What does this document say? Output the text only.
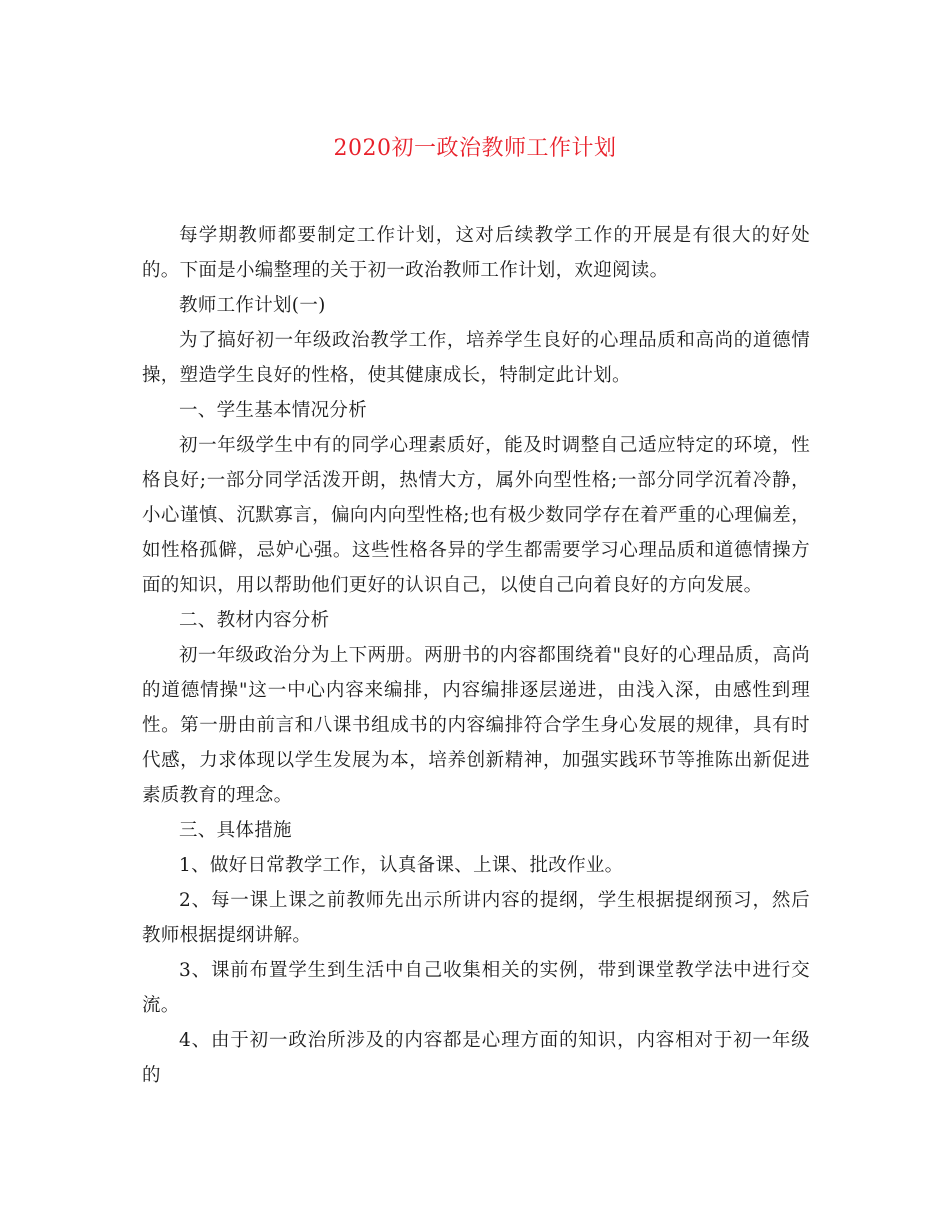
2020初一政治教师工作计划

每学期教师都要制定工作计划，这对后续教学工作的开展是有很大的好处的。下面是小编整理的关于初一政治教师工作计划，欢迎阅读。

教师工作计划(一)

为了搞好初一年级政治教学工作，培养学生良好的心理品质和高尚的道德情操，塑造学生良好的性格，使其健康成长，特制定此计划。

一、学生基本情况分析

初一年级学生中有的同学心理素质好，能及时调整自己适应特定的环境，性格良好;一部分同学活泼开朗，热情大方，属外向型性格;一部分同学沉着冷静，小心谨慎、沉默寡言，偏向内向型性格;也有极少数同学存在着严重的心理偏差，如性格孤僻，忌妒心强。这些性格各异的学生都需要学习心理品质和道德情操方面的知识，用以帮助他们更好的认识自己，以使自己向着良好的方向发展。

二、教材内容分析

初一年级政治分为上下两册。两册书的内容都围绕着"良好的心理品质，高尚的道德情操"这一中心内容来编排，内容编排逐层递进，由浅入深，由感性到理性。第一册由前言和八课书组成书的内容编排符合学生身心发展的规律，具有时代感，力求体现以学生发展为本，培养创新精神，加强实践环节等推陈出新促进素质教育的理念。

三、具体措施

1、做好日常教学工作，认真备课、上课、批改作业。

2、每一课上课之前教师先出示所讲内容的提纲，学生根据提纲预习，然后教师根据提纲讲解。

3、课前布置学生到生活中自己收集相关的实例，带到课堂教学法中进行交流。

4、由于初一政治所涉及的内容都是心理方面的知识，内容相对于初一年级的
